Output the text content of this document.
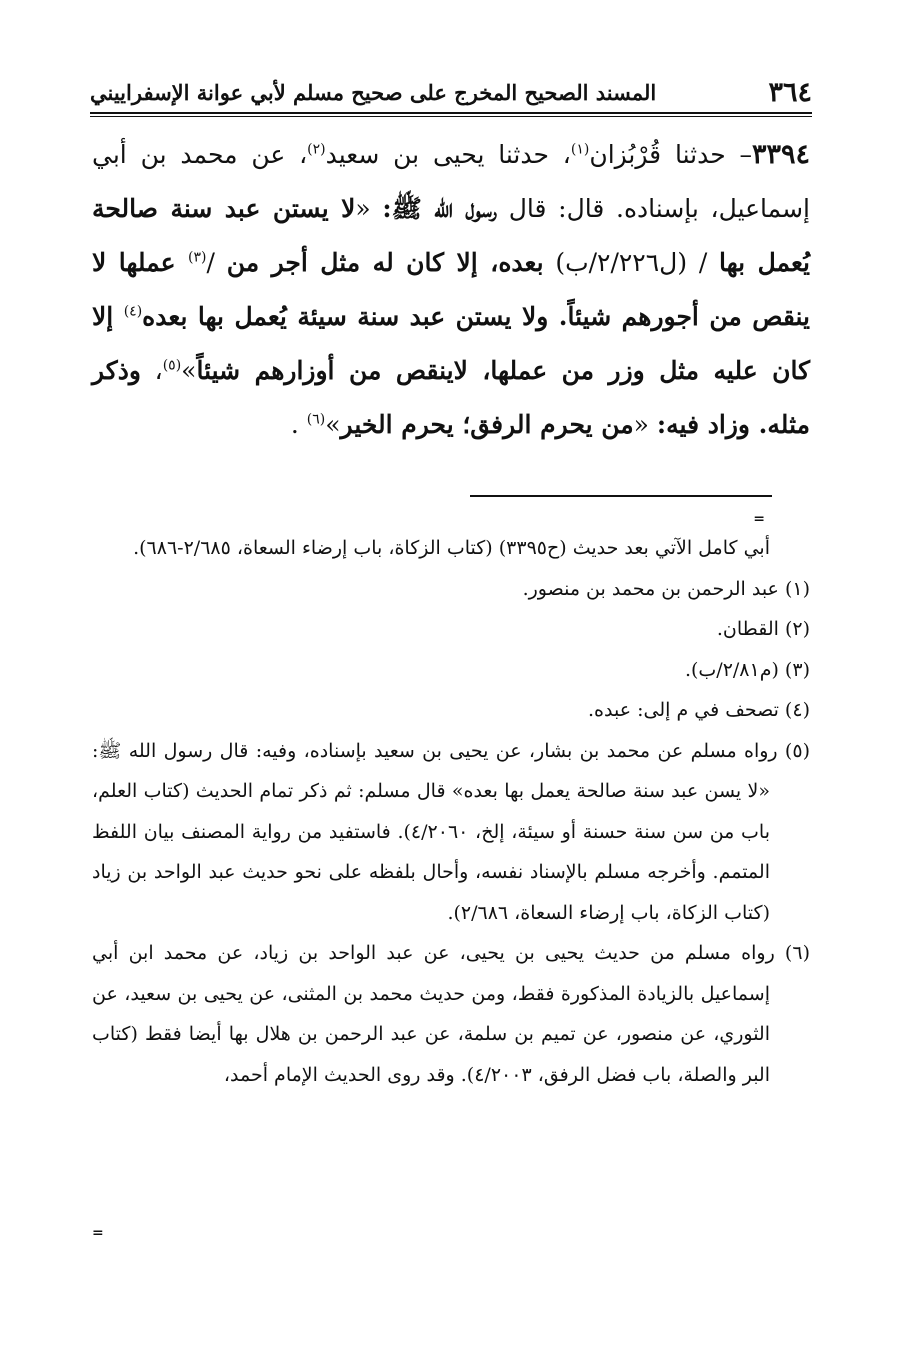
٣٦٤
المسند الصحيح المخرج على صحيح مسلم لأبي عوانة الإسفراييني
٣٣٩٤– حدثنا قُرْبُزان$^{(١)}$، حدثنا يحيى بن سعيد$^{(٢)}$، عن محمد بن أبي إسماعيل، بإسناده. قال: قال رسول الله ﷺ: «لا يستن عبد سنة صالحة يُعمل بها / (ل٢/٢٢٦/ب) بعده، إلا كان له مثل أجر من /$^{(٣)}$ عملها لا ينقص من أجورهم شيئاً. ولا يستن عبد سنة سيئة يُعمل بها بعده$^{(٤)}$ إلا كان عليه مثل وزر من عملها، لاينقص من أوزارهم شيئاً»$^{(٥)}$، وذكر مثله. وزاد فيه: «من يحرم الرفق؛ يحرم الخير»$^{(٦)}$ .
=
أبي كامل الآتي بعد حديث (ح٣٣٩٥) (كتاب الزكاة، باب إرضاء السعاة، ٢/٦٨٥-٦٨٦).
(١) عبد الرحمن بن محمد بن منصور.
(٢) القطان.
(٣) (م٢/٨١/ب).
(٤) تصحف في م إلى: عبده.
(٥) رواه مسلم عن محمد بن بشار، عن يحيى بن سعيد بإسناده، وفيه: قال رسول الله ﷺ: «لا يسن عبد سنة صالحة يعمل بها بعده» قال مسلم: ثم ذكر تمام الحديث (كتاب العلم، باب من سن سنة حسنة أو سيئة، إلخ، ٤/٢٠٦٠). فاستفيد من رواية المصنف بيان اللفظ المتمم. وأخرجه مسلم بالإسناد نفسه، وأحال بلفظه على نحو حديث عبد الواحد بن زياد (كتاب الزكاة، باب إرضاء السعاة، ٢/٦٨٦).
(٦) رواه مسلم من حديث يحيى بن يحيى، عن عبد الواحد بن زياد، عن محمد ابن أبي إسماعيل بالزيادة المذكورة فقط، ومن حديث محمد بن المثنى، عن يحيى بن سعيد، عن الثوري، عن منصور، عن تميم بن سلمة، عن عبد الرحمن بن هلال بها أيضا فقط (كتاب البر والصلة، باب فضل الرفق، ٤/٢٠٠٣). وقد روى الحديث الإمام أحمد،
=
